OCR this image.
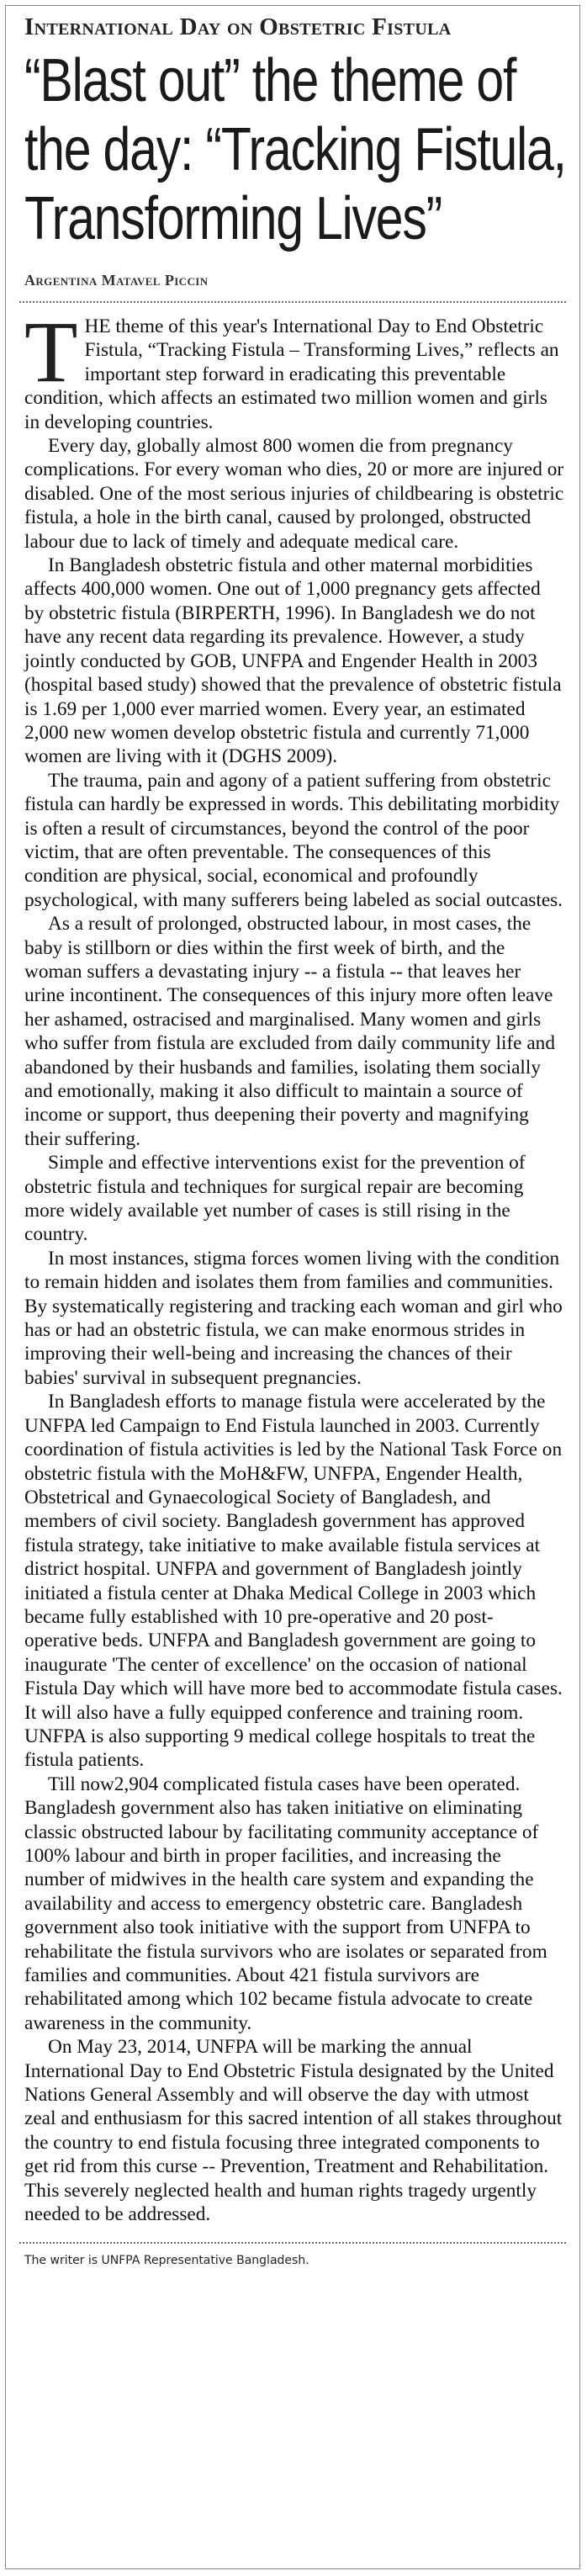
International Day on Obstetric Fistula
“Blast out” the theme of the day: “Tracking Fistula, Transforming Lives”
Argentina Matavel Piccin

THE theme of this year's International Day to End Obstetric Fistula, “Tracking Fistula – Transforming Lives,” reflects an important step forward in eradicating this preventable condition, which affects an estimated two million women and girls in developing countries.

Every day, globally almost 800 women die from pregnancy complications. For every woman who dies, 20 or more are injured or disabled. One of the most serious injuries of childbearing is obstetric fistula, a hole in the birth canal, caused by prolonged, obstructed labour due to lack of timely and adequate medical care.

In Bangladesh obstetric fistula and other maternal morbidities affects 400,000 women. One out of 1,000 pregnancy gets affected by obstetric fistula (BIRPERTH, 1996). In Bangladesh we do not have any recent data regarding its prevalence. However, a study jointly conducted by GOB, UNFPA and Engender Health in 2003 (hospital based study) showed that the prevalence of obstetric fistula is 1.69 per 1,000 ever married women. Every year, an estimated 2,000 new women develop obstetric fistula and currently 71,000 women are living with it (DGHS 2009).

The trauma, pain and agony of a patient suffering from obstetric fistula can hardly be expressed in words. This debilitating morbidity is often a result of circumstances, beyond the control of the poor victim, that are often preventable. The consequences of this condition are physical, social, economical and profoundly psychological, with many sufferers being labeled as social outcastes.

As a result of prolonged, obstructed labour, in most cases, the baby is stillborn or dies within the first week of birth, and the woman suffers a devastating injury -- a fistula -- that leaves her urine incontinent. The consequences of this injury more often leave her ashamed, ostracised and marginalised. Many women and girls who suffer from fistula are excluded from daily community life and abandoned by their husbands and families, isolating them socially and emotionally, making it also difficult to maintain a source of income or support, thus deepening their poverty and magnifying their suffering.

Simple and effective interventions exist for the prevention of obstetric fistula and techniques for surgical repair are becoming more widely available yet number of cases is still rising in the country.

In most instances, stigma forces women living with the condition to remain hidden and isolates them from families and communities. By systematically registering and tracking each woman and girl who has or had an obstetric fistula, we can make enormous strides in improving their well-being and increasing the chances of their babies' survival in subsequent pregnancies.

In Bangladesh efforts to manage fistula were accelerated by the UNFPA led Campaign to End Fistula launched in 2003. Currently coordination of fistula activities is led by the National Task Force on obstetric fistula with the MoH&FW, UNFPA, Engender Health, Obstetrical and Gynaecological Society of Bangladesh, and members of civil society. Bangladesh government has approved fistula strategy, take initiative to make available fistula services at district hospital. UNFPA and government of Bangladesh jointly initiated a fistula center at Dhaka Medical College in 2003 which became fully established with 10 pre-operative and 20 post-operative beds. UNFPA and Bangladesh government are going to inaugurate 'The center of excellence' on the occasion of national Fistula Day which will have more bed to accommodate fistula cases. It will also have a fully equipped conference and training room. UNFPA is also supporting 9 medical college hospitals to treat the fistula patients.

Till now2,904 complicated fistula cases have been operated. Bangladesh government also has taken initiative on eliminating classic obstructed labour by facilitating community acceptance of 100% labour and birth in proper facilities, and increasing the number of midwives in the health care system and expanding the availability and access to emergency obstetric care. Bangladesh government also took initiative with the support from UNFPA to rehabilitate the fistula survivors who are isolates or separated from families and communities. About 421 fistula survivors are rehabilitated among which 102 became fistula advocate to create awareness in the community.

On May 23, 2014, UNFPA will be marking the annual International Day to End Obstetric Fistula designated by the United Nations General Assembly and will observe the day with utmost zeal and enthusiasm for this sacred intention of all stakes throughout the country to end fistula focusing three integrated components to get rid from this curse -- Prevention, Treatment and Rehabilitation. This severely neglected health and human rights tragedy urgently needed to be addressed.

The writer is UNFPA Representative Bangladesh.
